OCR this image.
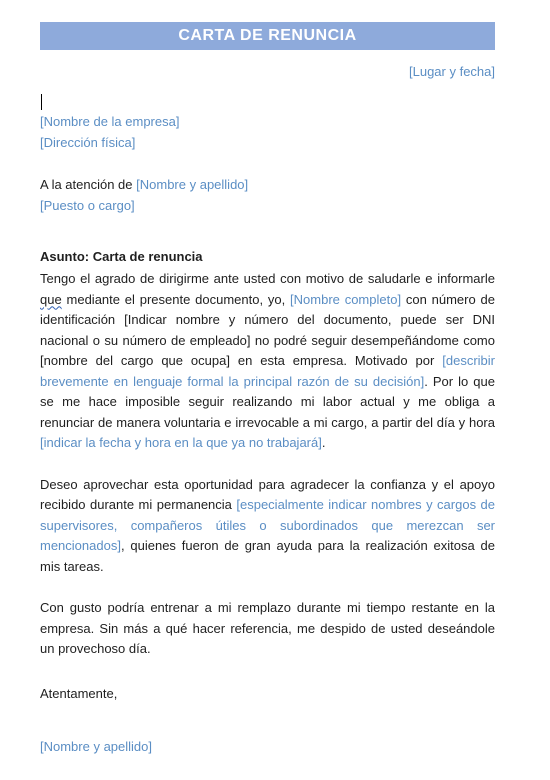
CARTA DE RENUNCIA

[Lugar y fecha]

[Nombre de la empresa]

[Dirección física]

A la atención de [Nombre y apellido]

[Puesto o cargo]

Asunto: Carta de renuncia

Tengo el agrado de dirigirme ante usted con motivo de saludarle e informarle que mediante el presente documento, yo, [Nombre completo] con número de identificación [Indicar nombre y número del documento, puede ser DNI nacional o su número de empleado] no podré seguir desempeñándome como [nombre del cargo que ocupa] en esta empresa. Motivado por [describir brevemente en lenguaje formal la principal razón de su decisión]. Por lo que se me hace imposible seguir realizando mi labor actual y me obliga a renunciar de manera voluntaria e irrevocable a mi cargo, a partir del día y hora [indicar la fecha y hora en la que ya no trabajará].

Deseo aprovechar esta oportunidad para agradecer la confianza y el apoyo recibido durante mi permanencia [especialmente indicar nombres y cargos de supervisores, compañeros útiles o subordinados que merezcan ser mencionados], quienes fueron de gran ayuda para la realización exitosa de mis tareas.

Con gusto podría entrenar a mi remplazo durante mi tiempo restante en la empresa. Sin más a qué hacer referencia, me despido de usted deseándole un provechoso día.

Atentamente,

[Nombre y apellido]
